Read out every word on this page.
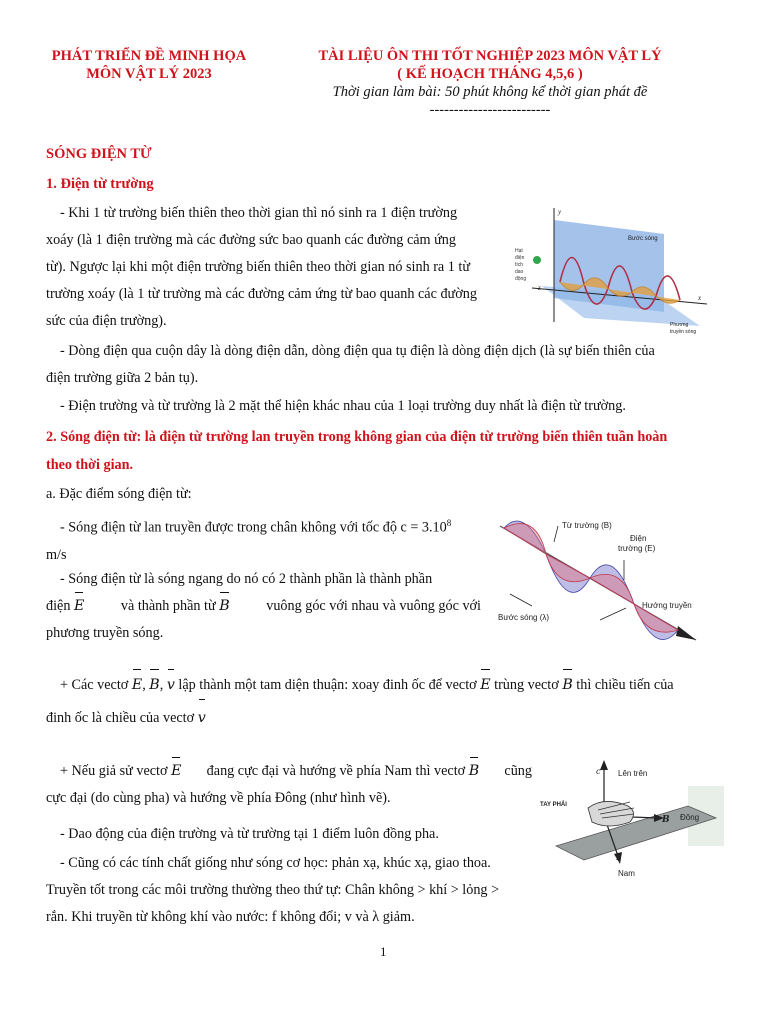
PHÁT TRIỂN ĐỀ MINH HỌA
MÔN VẬT LÝ 2023
TÀI LIỆU ÔN THI TỐT NGHIỆP 2023 MÔN VẬT LÝ
( KẾ HOẠCH THÁNG 4,5,6 )
Thời gian làm bài: 50 phút không kể thời gian phát đề
-------------------------
SÓNG ĐIỆN TỪ
1. Điện từ trường

- Khi 1 từ trường biến thiên theo thời gian thì nó sinh ra 1 điện trường

xoáy (là 1 điện trường mà các đường sức bao quanh các đường cảm ứng

từ). Ngược lại khi một điện trường biến thiên theo thời gian nó sinh ra 1 từ

trường xoáy (là 1 từ trường mà các đường cảm ứng từ bao quanh các đường

sức của điện trường).

- Dòng điện qua cuộn dây là dòng điện dẫn, dòng điện qua tụ điện là dòng điện dịch (là sự biến thiên của

điện trường giữa 2 bản tụ).

- Điện trường và từ trường là 2 mặt thể hiện khác nhau của 1 loại trường duy nhất là điện từ trường.

Hạt
điện
tích
dao
động
y
x
z
Bước sóng
Phương
truyền sóng

2. Sóng điện từ: là điện từ trường lan truyền trong không gian của điện từ trường biến thiên tuần hoàn

theo thời gian.

a. Đặc điểm sóng điện từ:

- Sóng điện từ lan truyền được trong chân không với tốc độ $c = 3.10^8$

m/s

- Sóng điện từ là sóng ngang do nó có 2 thành phần là thành phần

điện E	và thành phần từ B	vuông góc với nhau và vuông góc với

phương truyền sóng.

Từ trường (B)
Điện
trường (E)
Hướng truyền
Bước sóng (λ)

+ Các vectơ E, B, v lập thành một tam diện thuận: xoay đinh ốc để vectơ E trùng vectơ B thì chiều tiến của

đinh ốc là chiều của vectơ v

+ Nếu giả sử vectơ E đang cực đại và hướng về phía Nam thì vectơ B cũng

cực đại (do cùng pha) và hướng về phía Đông (như hình vẽ).

- Dao động của điện trường và từ trường tại 1 điểm luôn đồng pha.

- Cũng có các tính chất giống như sóng cơ học: phản xạ, khúc xạ, giao thoa.

Truyền tốt trong các môi trường thường theo thứ tự: Chân không > khí > lỏng >

rắn. Khi truyền từ không khí vào nước: f không đổi; v và λ giảm.

c Lên trên
TAY PHẢI
B Đông
E
Nam
1
